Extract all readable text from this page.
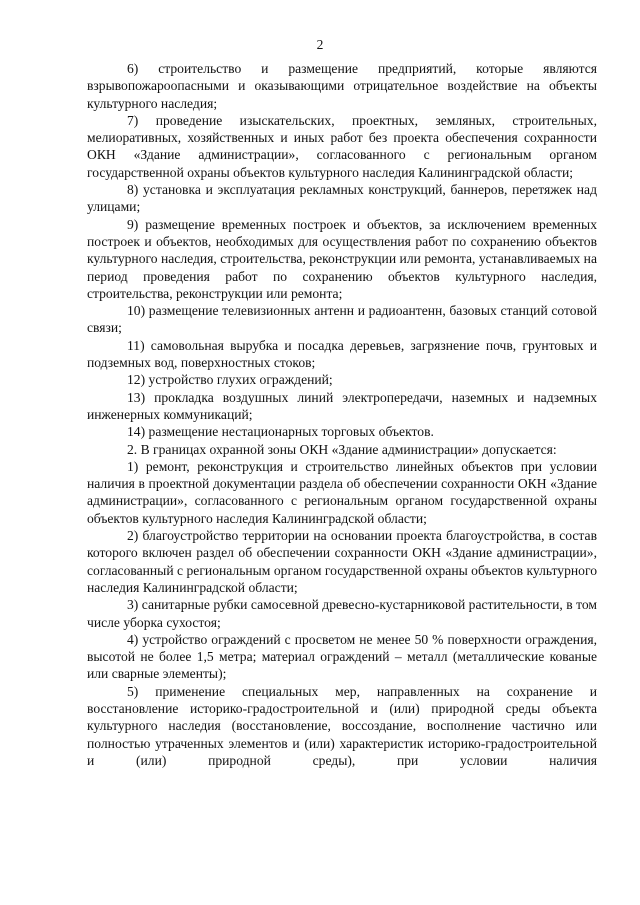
2

6) строительство и размещение предприятий, которые являются взрывопожароопасными и оказывающими отрицательное воздействие на объекты культурного наследия;

7) проведение изыскательских, проектных, земляных, строительных, мелиоративных, хозяйственных и иных работ без проекта обеспечения сохранности ОКН «Здание администрации», согласованного с региональным органом государственной охраны объектов культурного наследия Калининградской области;

8) установка и эксплуатация рекламных конструкций, баннеров, перетяжек над улицами;

9) размещение временных построек и объектов, за исключением временных построек и объектов, необходимых для осуществления работ по сохранению объектов культурного наследия, строительства, реконструкции или ремонта, устанавливаемых на период проведения работ по сохранению объектов культурного наследия, строительства, реконструкции или ремонта;

10) размещение телевизионных антенн и радиоантенн, базовых станций сотовой связи;

11) самовольная вырубка и посадка деревьев, загрязнение почв, грунтовых и подземных вод, поверхностных стоков;

12) устройство глухих ограждений;

13) прокладка воздушных линий электропередачи, наземных и надземных инженерных коммуникаций;

14) размещение нестационарных торговых объектов.

2. В границах охранной зоны ОКН «Здание администрации» допускается:

1) ремонт, реконструкция и строительство линейных объектов при условии наличия в проектной документации раздела об обеспечении сохранности ОКН «Здание администрации», согласованного с региональным органом государственной охраны объектов культурного наследия Калининградской области;

2) благоустройство территории на основании проекта благоустройства, в состав которого включен раздел об обеспечении сохранности ОКН «Здание администрации», согласованный с региональным органом государственной охраны объектов культурного наследия Калининградской области;

3) санитарные рубки самосевной древесно-кустарниковой растительности, в том числе уборка сухостоя;

4) устройство ограждений с просветом не менее 50 % поверхности ограждения, высотой не более 1,5 метра; материал ограждений – металл (металлические кованые или сварные элементы);

5) применение специальных мер, направленных на сохранение и восстановление историко-градостроительной и (или) природной среды объекта культурного наследия (восстановление, воссоздание, восполнение частично или полностью утраченных элементов и (или) характеристик историко-градостроительной и (или) природной среды), при условии наличия
